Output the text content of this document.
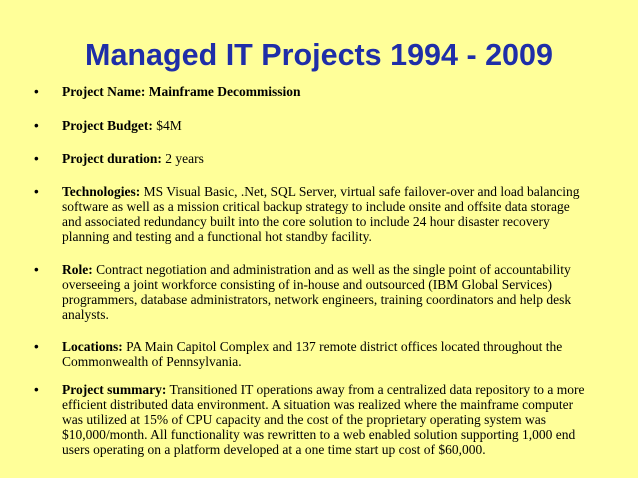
Managed IT Projects 1994 - 2009
• Project Name: Mainframe Decommission
• Project Budget: $4M
• Project duration: 2 years
• Technologies: MS Visual Basic, .Net, SQL Server, virtual safe failover-over and load balancing software as well as a mission critical backup strategy to include onsite and offsite data storage and associated redundancy built into the core solution to include 24 hour disaster recovery planning and testing and a functional hot standby facility.
• Role: Contract negotiation and administration and as well as the single point of accountability overseeing a joint workforce consisting of in-house and outsourced (IBM Global Services) programmers, database administrators, network engineers, training coordinators and help desk analysts.
• Locations: PA Main Capitol Complex and 137 remote district offices located throughout the Commonwealth of Pennsylvania.
• Project summary: Transitioned IT operations away from a centralized data repository to a more efficient distributed data environment. A situation was realized where the mainframe computer was utilized at 15% of CPU capacity and the cost of the proprietary operating system was $10,000/month. All functionality was rewritten to a web enabled solution supporting 1,000 end users operating on a platform developed at a one time start up cost of $60,000.
